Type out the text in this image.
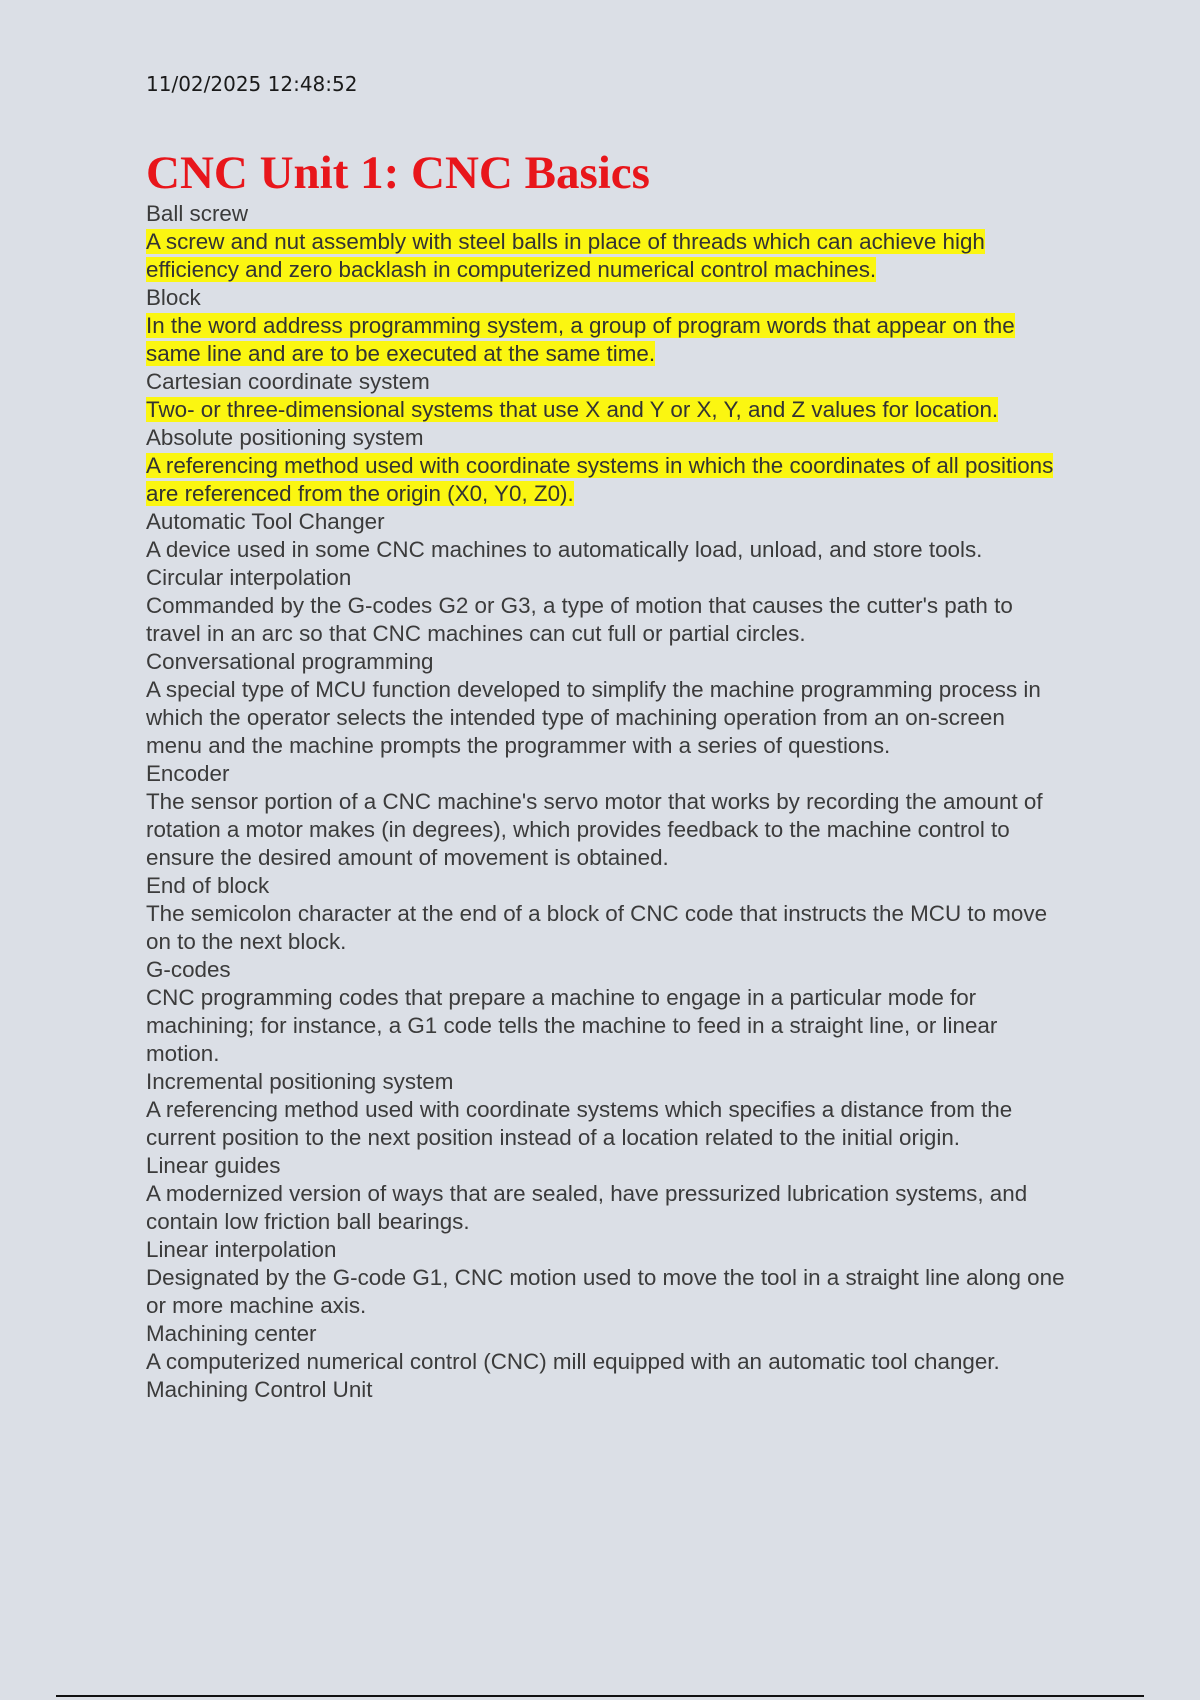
11/02/2025 12:48:52
CNC Unit 1: CNC Basics

Ball screw

A screw and nut assembly with steel balls in place of threads which can achieve high efficiency and zero backlash in computerized numerical control machines.

Block

In the word address programming system, a group of program words that appear on the same line and are to be executed at the same time.

Cartesian coordinate system

Two- or three-dimensional systems that use X and Y or X, Y, and Z values for location.

Absolute positioning system

A referencing method used with coordinate systems in which the coordinates of all positions are referenced from the origin (X0, Y0, Z0).

Automatic Tool Changer

A device used in some CNC machines to automatically load, unload, and store tools.

Circular interpolation

Commanded by the G-codes G2 or G3, a type of motion that causes the cutter's path to travel in an arc so that CNC machines can cut full or partial circles.

Conversational programming

A special type of MCU function developed to simplify the machine programming process in which the operator selects the intended type of machining operation from an on-screen menu and the machine prompts the programmer with a series of questions.

Encoder

The sensor portion of a CNC machine's servo motor that works by recording the amount of rotation a motor makes (in degrees), which provides feedback to the machine control to ensure the desired amount of movement is obtained.

End of block

The semicolon character at the end of a block of CNC code that instructs the MCU to move on to the next block.

G-codes

CNC programming codes that prepare a machine to engage in a particular mode for machining; for instance, a G1 code tells the machine to feed in a straight line, or linear motion.

Incremental positioning system

A referencing method used with coordinate systems which specifies a distance from the current position to the next position instead of a location related to the initial origin.

Linear guides

A modernized version of ways that are sealed, have pressurized lubrication systems, and contain low friction ball bearings.

Linear interpolation

Designated by the G-code G1, CNC motion used to move the tool in a straight line along one or more machine axis.

Machining center

A computerized numerical control (CNC) mill equipped with an automatic tool changer.

Machining Control Unit
